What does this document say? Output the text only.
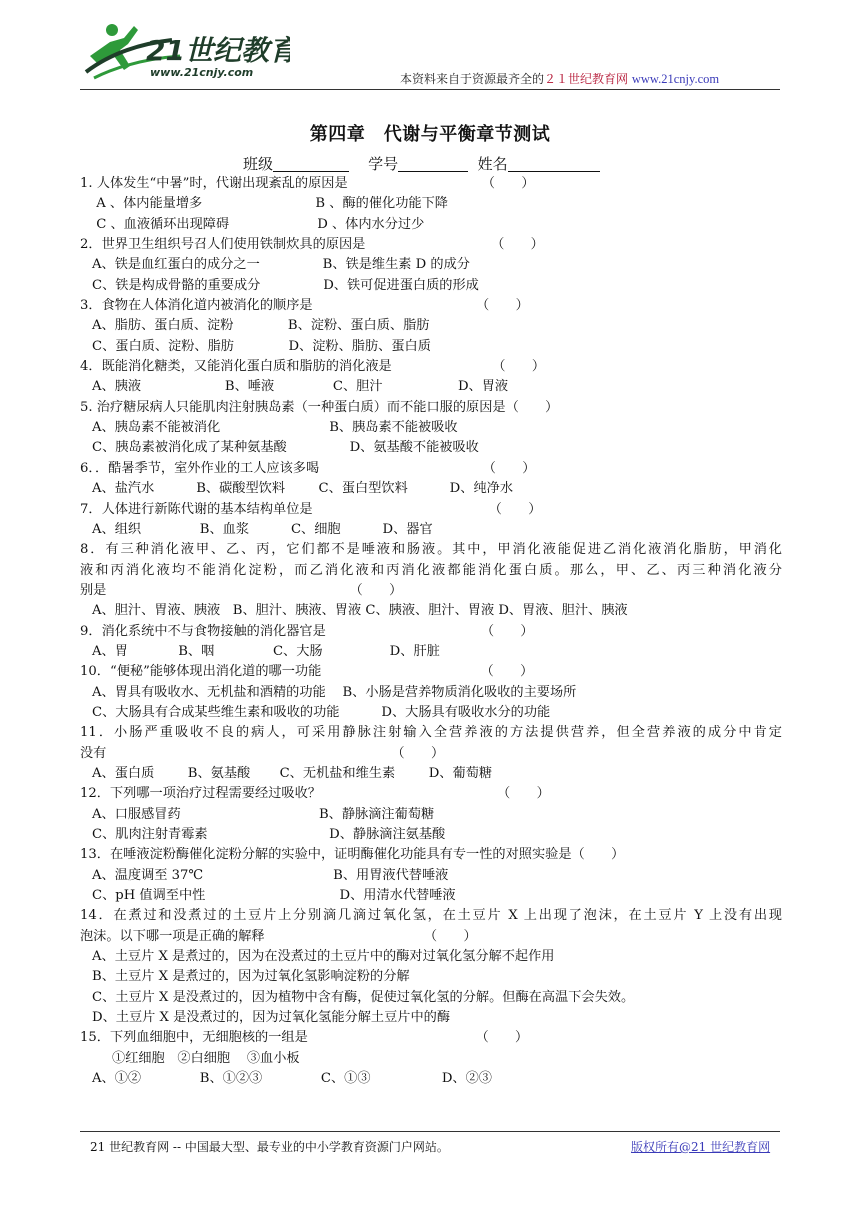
21世纪教育
www.21cnjy.com	本资料来自于资源最齐全的２１世纪教育网 www.21cnjy.com
第四章　代谢与平衡章节测试
班级	学号	姓名
1. 人体发生“中暑”时，代谢出现紊乱的原因是                                （　　）
A 、体内能量增多                           B 、酶的催化功能下降
C 、血液循环出现障碍                     D 、体内水分过少
2．世界卫生组织号召人们使用铁制炊具的原因是                              （　　）
A、铁是血红蛋白的成分之一               B、铁是维生素 D 的成分
C、铁是构成骨骼的重要成分               D、铁可促进蛋白质的形成
3．食物在人体消化道内被消化的顺序是                                       （　　）
A、脂肪、蛋白质、淀粉             B、淀粉、蛋白质、脂肪
C、蛋白质、淀粉、脂肪             D、淀粉、脂肪、蛋白质
4．既能消化糖类，又能消化蛋白质和脂肪的消化液是                        （　　）
A、胰液                    B、唾液              C、胆汁                  D、胃液
5. 治疗糖尿病人只能肌肉注射胰岛素（一种蛋白质）而不能口服的原因是（　　）
A、胰岛素不能被消化                          B、胰岛素不能被吸收
C、胰岛素被消化成了某种氨基酸               D、氨基酸不能被吸收
6．．酷暑季节，室外作业的工人应该多喝                                       （　　）
A、盐汽水          B、碳酸型饮料        C、蛋白型饮料          D、纯净水
7．人体进行新陈代谢的基本结构单位是                                          （　　）
A、组织              B、血浆          C、细胞          D、器官
8．有三种消化液甲、乙、丙，它们都不是唾液和肠液。其中，甲消化液能促进乙消化液消化脂肪，甲消化
液和丙消化液均不能消化淀粉，而乙消化液和丙消化液都能消化蛋白质。那么，甲、乙、丙三种消化液分
别是                                                          （　　）
A、胆汁、胃液、胰液   B、胆汁、胰液、胃液 C、胰液、胆汁、胃液 D、胃液、胆汁、胰液
9．消化系统中不与食物接触的消化器官是                                     （　　）
A、胃            B、咽              C、大肠                D、肝脏
10．“便秘”能够体现出消化道的哪一功能                                      （　　）
A、胃具有吸收水、无机盐和酒精的功能    B、小肠是营养物质消化吸收的主要场所
C、大肠具有合成某些维生素和吸收的功能          D、大肠具有吸收水分的功能
11．小肠严重吸收不良的病人，可采用静脉注射输入全营养液的方法提供营养，但全营养液的成分中肯定
没有                                                                    （　　）
A、蛋白质        B、氨基酸       C、无机盐和维生素        D、葡萄糖
12．下列哪一项治疗过程需要经过吸收？                                          （　　）
A、口服感冒药                                 B、静脉滴注葡萄糖
C、肌肉注射青霉素                             D、静脉滴注氨基酸
13．在唾液淀粉酶催化淀粉分解的实验中，证明酶催化功能具有专一性的对照实验是（　　）
A、温度调至 37℃                               B、用胃液代替唾液
C、pH 值调至中性                                D、用清水代替唾液
14．在煮过和没煮过的土豆片上分别滴几滴过氧化氢，在土豆片 X 上出现了泡沫，在土豆片 Y 上没有出现
泡沫。以下哪一项是正确的解释                                      （　　）
A、土豆片 X 是煮过的，因为在没煮过的土豆片中的酶对过氧化氢分解不起作用
B、土豆片 X 是煮过的，因为过氧化氢影响淀粉的分解
C、土豆片 X 是没煮过的，因为植物中含有酶，促使过氧化氢的分解。但酶在高温下会失效。
D、土豆片 X 是没煮过的，因为过氧化氢能分解土豆片中的酶
15．下列血细胞中，无细胞核的一组是                                        （　　）
①红细胞   ②白细胞    ③血小板
A、①②              B、①②③              C、①③                 D、②③
21 世纪教育网 -- 中国最大型、最专业的中小学教育资源门户网站。	版权所有@21 世纪教育网
